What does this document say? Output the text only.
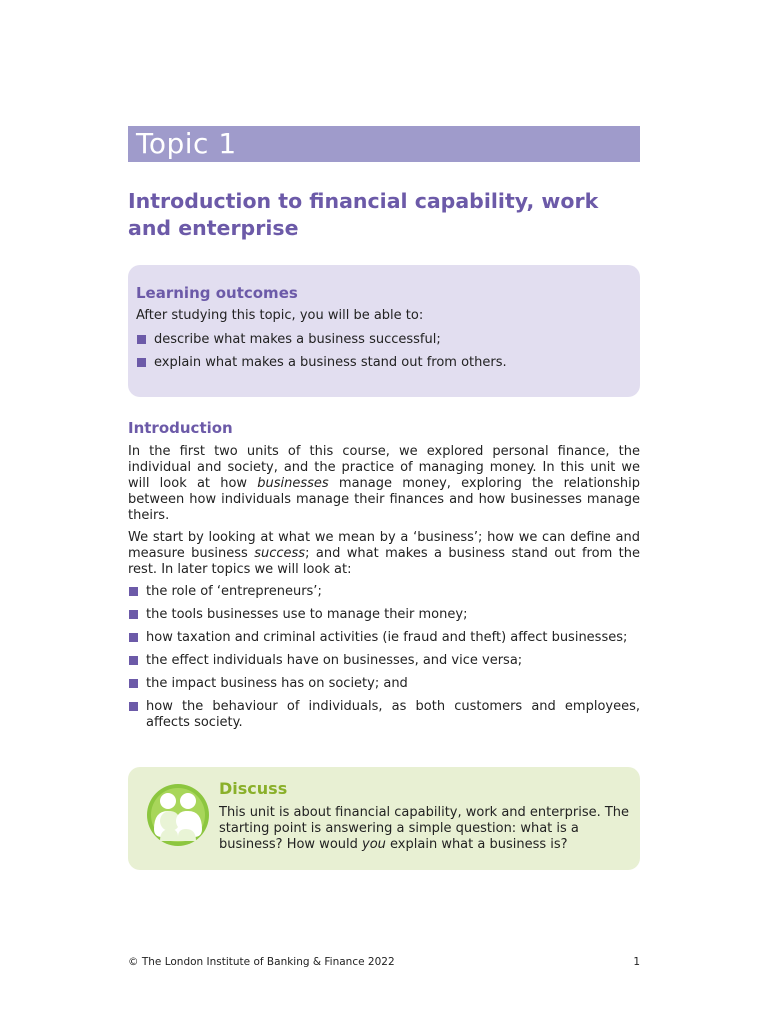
Topic 1
Introduction to financial capability, work and enterprise
Learning outcomes
After studying this topic, you will be able to:
describe what makes a business successful;
explain what makes a business stand out from others.
Introduction

In the first two units of this course, we explored personal finance, the individual and society, and the practice of managing money. In this unit we will look at how businesses manage money, exploring the relationship between how individuals manage their finances and how businesses manage theirs.

We start by looking at what we mean by a ‘business’; how we can define and measure business success; and what makes a business stand out from the rest. In later topics we will look at:

the role of ‘entrepreneurs’;
the tools businesses use to manage their money;
how taxation and criminal activities (ie fraud and theft) affect businesses;
the effect individuals have on businesses, and vice versa;
the impact business has on society; and
how the behaviour of individuals, as both customers and employees, affects society.
Discuss

This unit is about financial capability, work and enterprise. The starting point is answering a simple question: what is a business? How would you explain what a business is?

© The London Institute of Banking & Finance 2022	1
